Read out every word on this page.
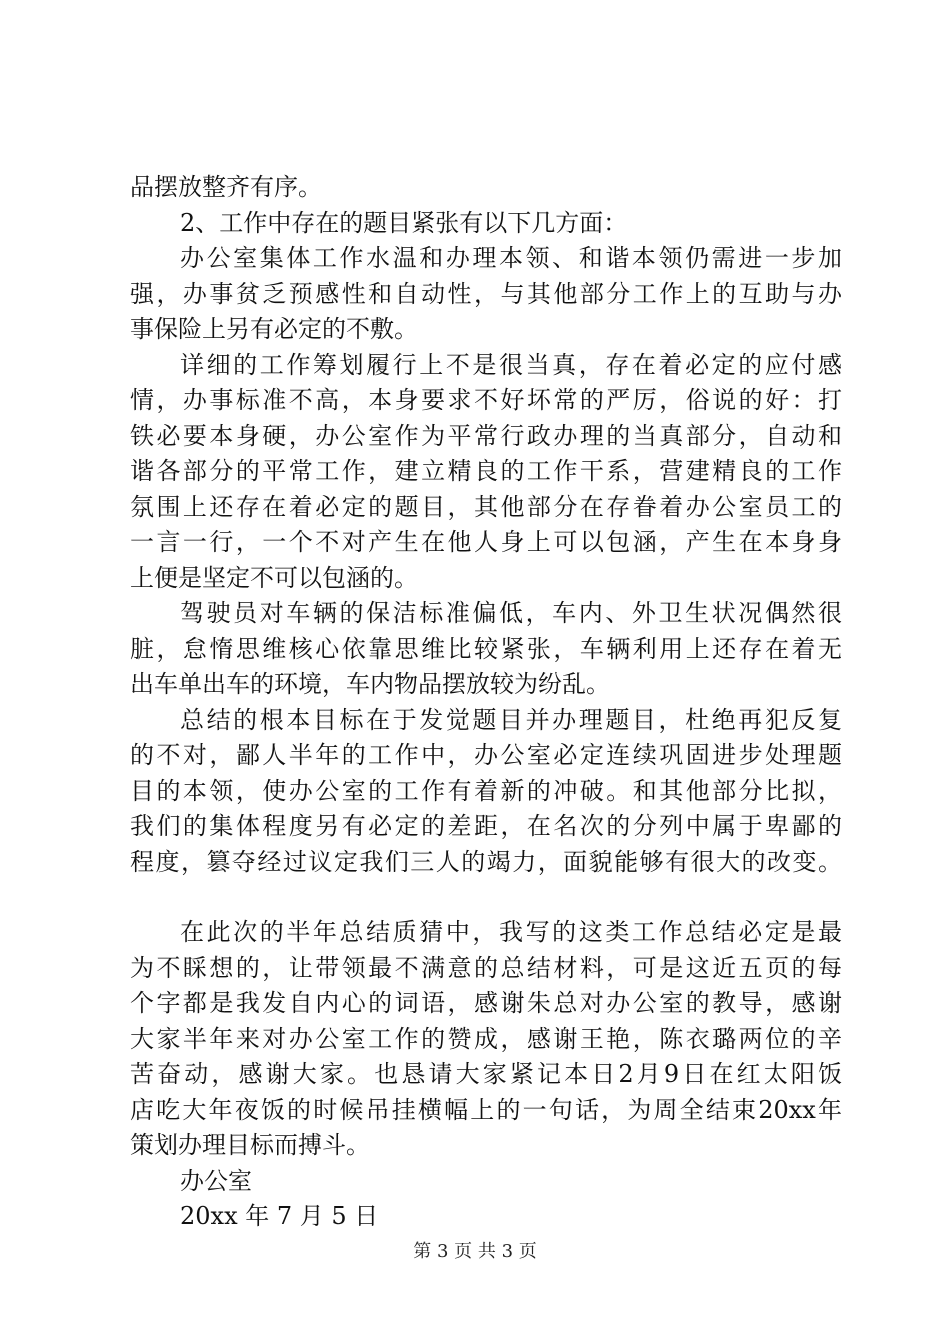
品摆放整齐有序。
2、工作中存在的题目紧张有以下几方面：
办公室集体工作水温和办理本领、和谐本领仍需进一步加
强，办事贫乏预感性和自动性，与其他部分工作上的互助与办
事保险上另有必定的不敷。
详细的工作筹划履行上不是很当真，存在着必定的应付感
情，办事标准不高，本身要求不好坏常的严厉，俗说的好：打
铁必要本身硬，办公室作为平常行政办理的当真部分，自动和
谐各部分的平常工作，建立精良的工作干系，营建精良的工作
氛围上还存在着必定的题目，其他部分在存眷着办公室员工的
一言一行，一个不对产生在他人身上可以包涵，产生在本身身
上便是坚定不可以包涵的。
驾驶员对车辆的保洁标准偏低，车内、外卫生状况偶然很
脏，怠惰思维核心依靠思维比较紧张，车辆利用上还存在着无
出车单出车的环境，车内物品摆放较为纷乱。
总结的根本目标在于发觉题目并办理题目，杜绝再犯反复
的不对，鄙人半年的工作中，办公室必定连续巩固进步处理题
目的本领，使办公室的工作有着新的冲破。和其他部分比拟，
我们的集体程度另有必定的差距，在名次的分列中属于卑鄙的
程度，篡夺经过议定我们三人的竭力，面貌能够有很大的改变。
在此次的半年总结质猜中，我写的这类工作总结必定是最
为不睬想的，让带领最不满意的总结材料，可是这近五页的每
个字都是我发自内心的词语，感谢朱总对办公室的教导，感谢
大家半年来对办公室工作的赞成，感谢王艳，陈衣璐两位的辛
苦奋动，感谢大家。也恳请大家紧记本日2月9日在红太阳饭
店吃大年夜饭的时候吊挂横幅上的一句话，为周全结束20xx年
策划办理目标而搏斗。
办公室
20xx 年 7 月 5 日
第 3 页 共 3 页
